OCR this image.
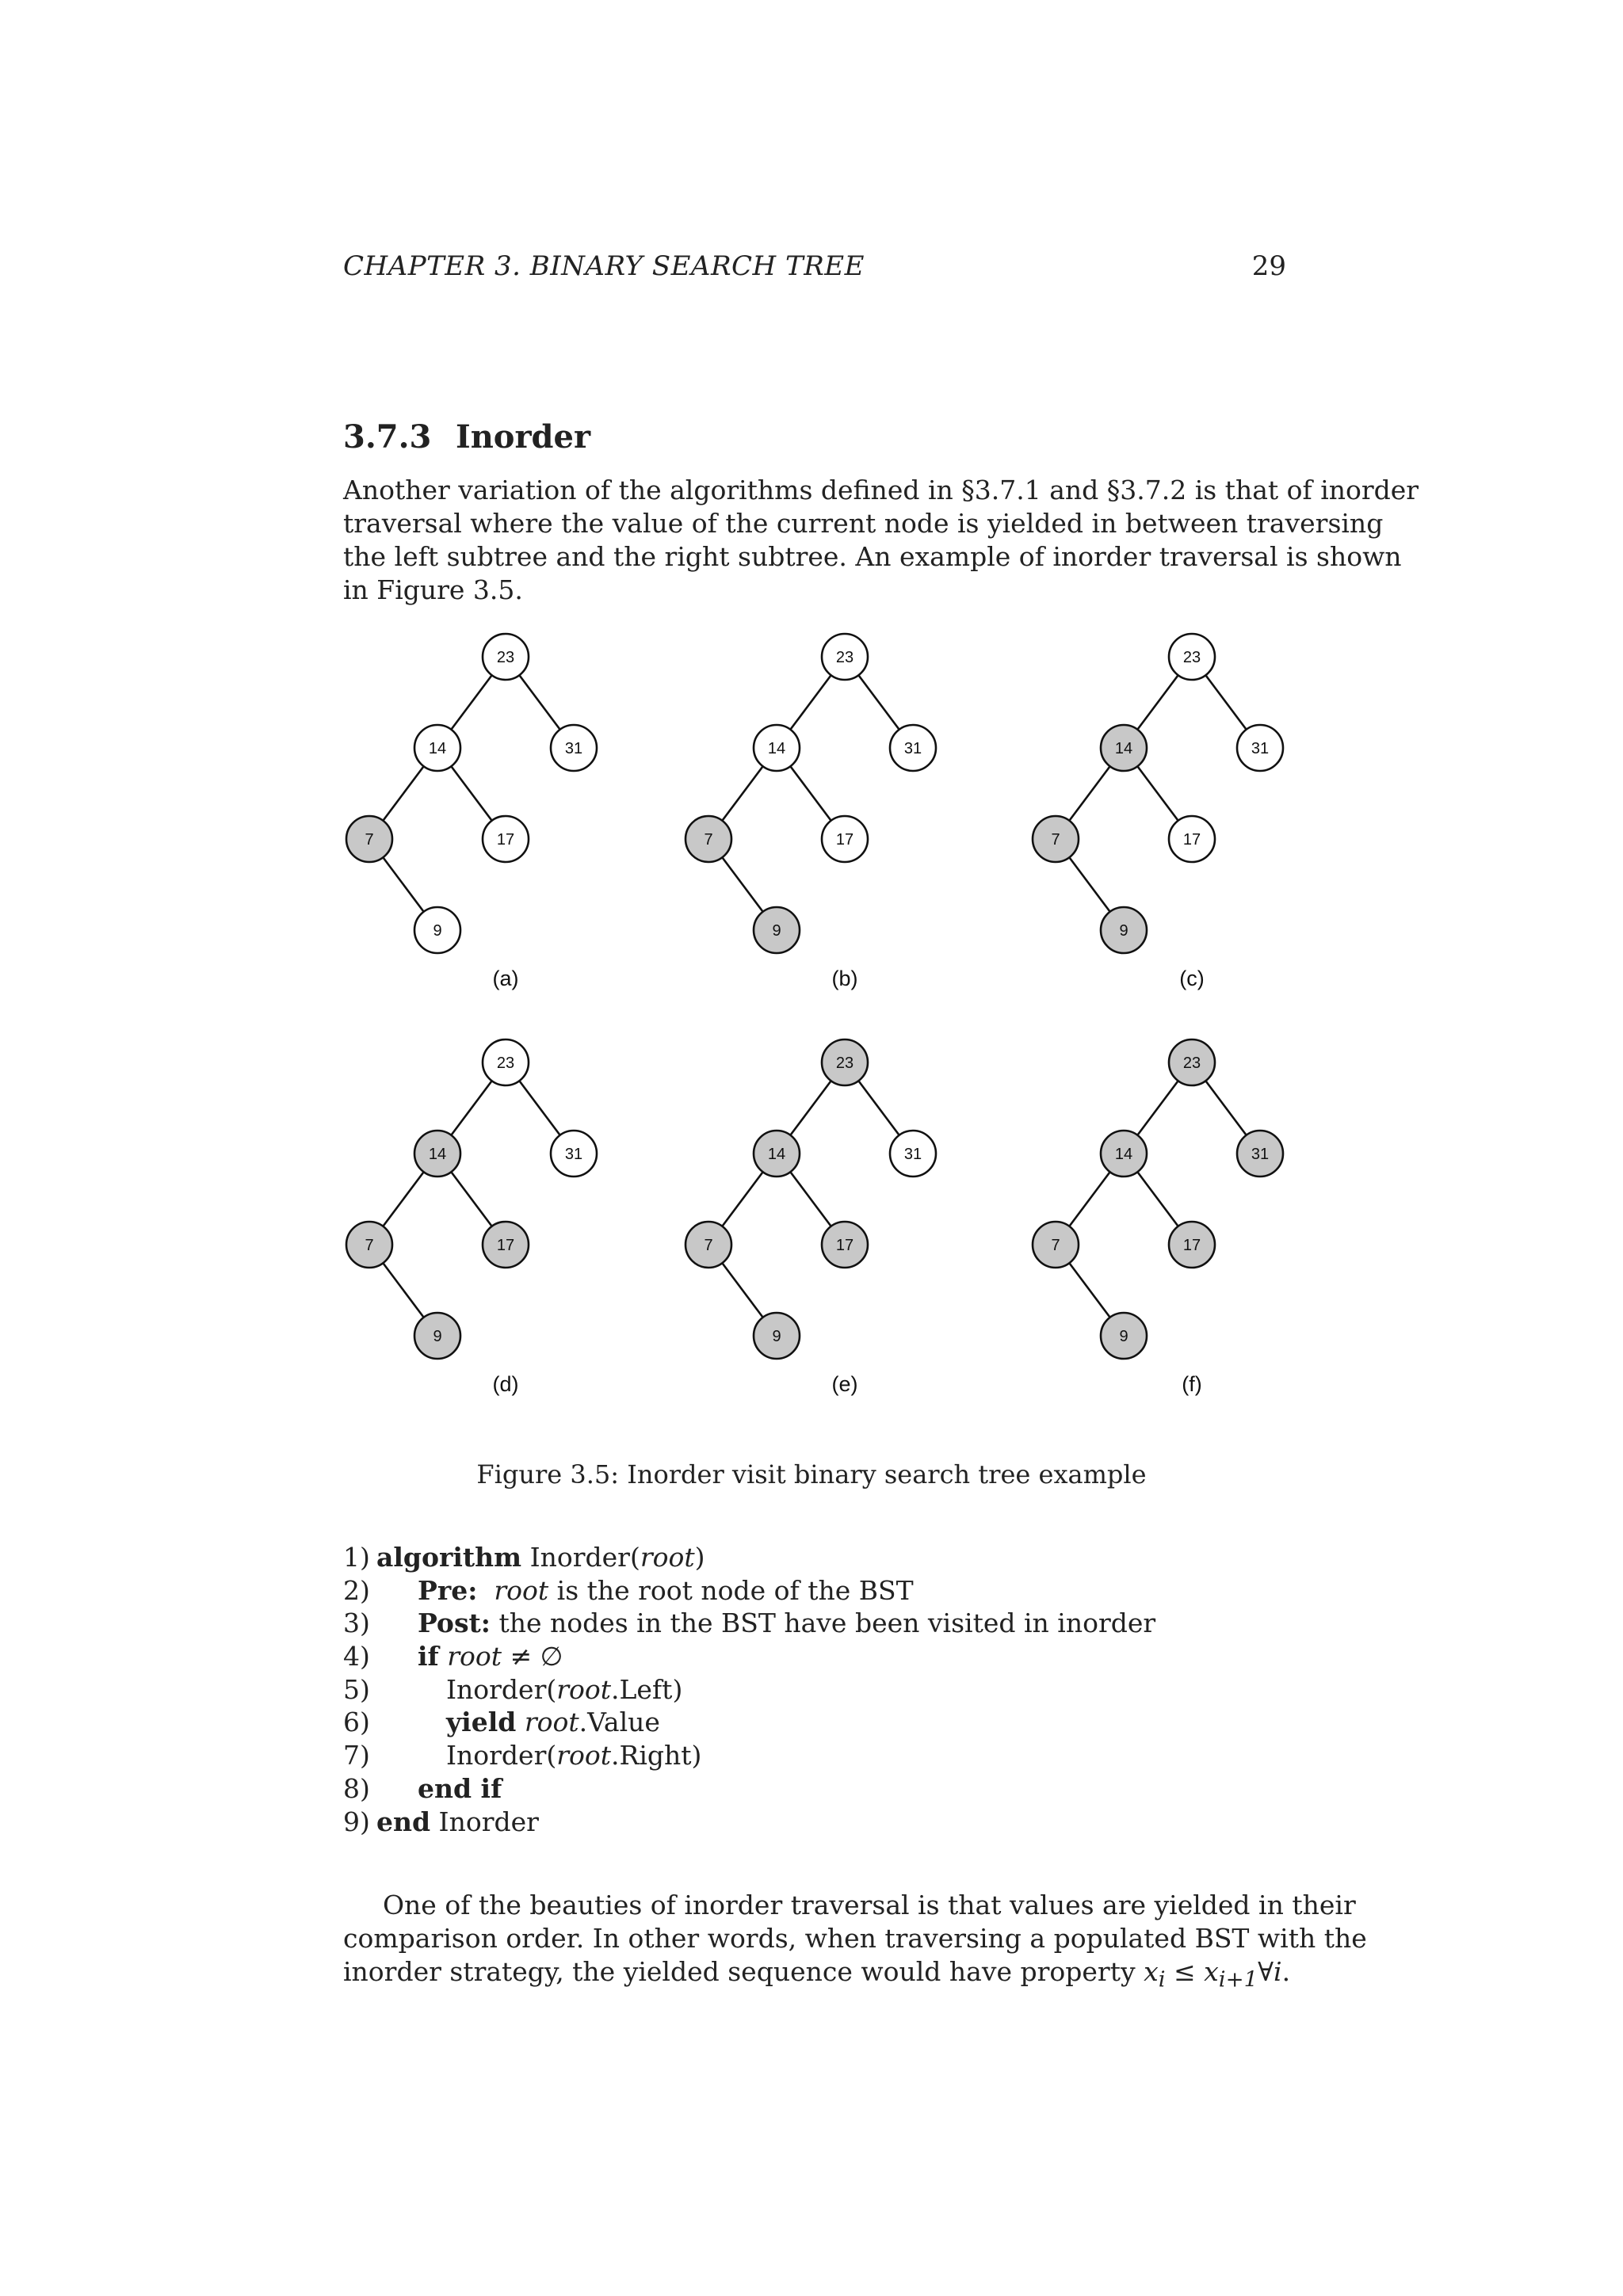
CHAPTER 3. BINARY SEARCH TREE	29
3.7.3 Inorder
Another variation of the algorithms defined in §3.7.1 and §3.7.2 is that of inorder
traversal where the value of the current node is yielded in between traversing
the left subtree and the right subtree. An example of inorder traversal is shown
in Figure 3.5.
23
14	31
7	17
9
(a)
23
14	31
7	17
9
(b)
23
14	31
7	17
9
(c)
23
14	31
7	17
9
(d)
23
14	31
7	17
9
(e)
23
14	31
7	17
9
(f)
Figure 3.5: Inorder visit binary search tree example
1) algorithm Inorder(root)
2) Pre: root is the root node of the BST
3) Post: the nodes in the BST have been visited in inorder
4) if root ≠ ∅
5)	Inorder(root.Left)
6)	yield root.Value
7)	Inorder(root.Right)
8) end if
9) end Inorder
One of the beauties of inorder traversal is that values are yielded in their
comparison order. In other words, when traversing a populated BST with the
inorder strategy, the yielded sequence would have property $x_i$ ≤ $x_{i+1}\forall i$.
